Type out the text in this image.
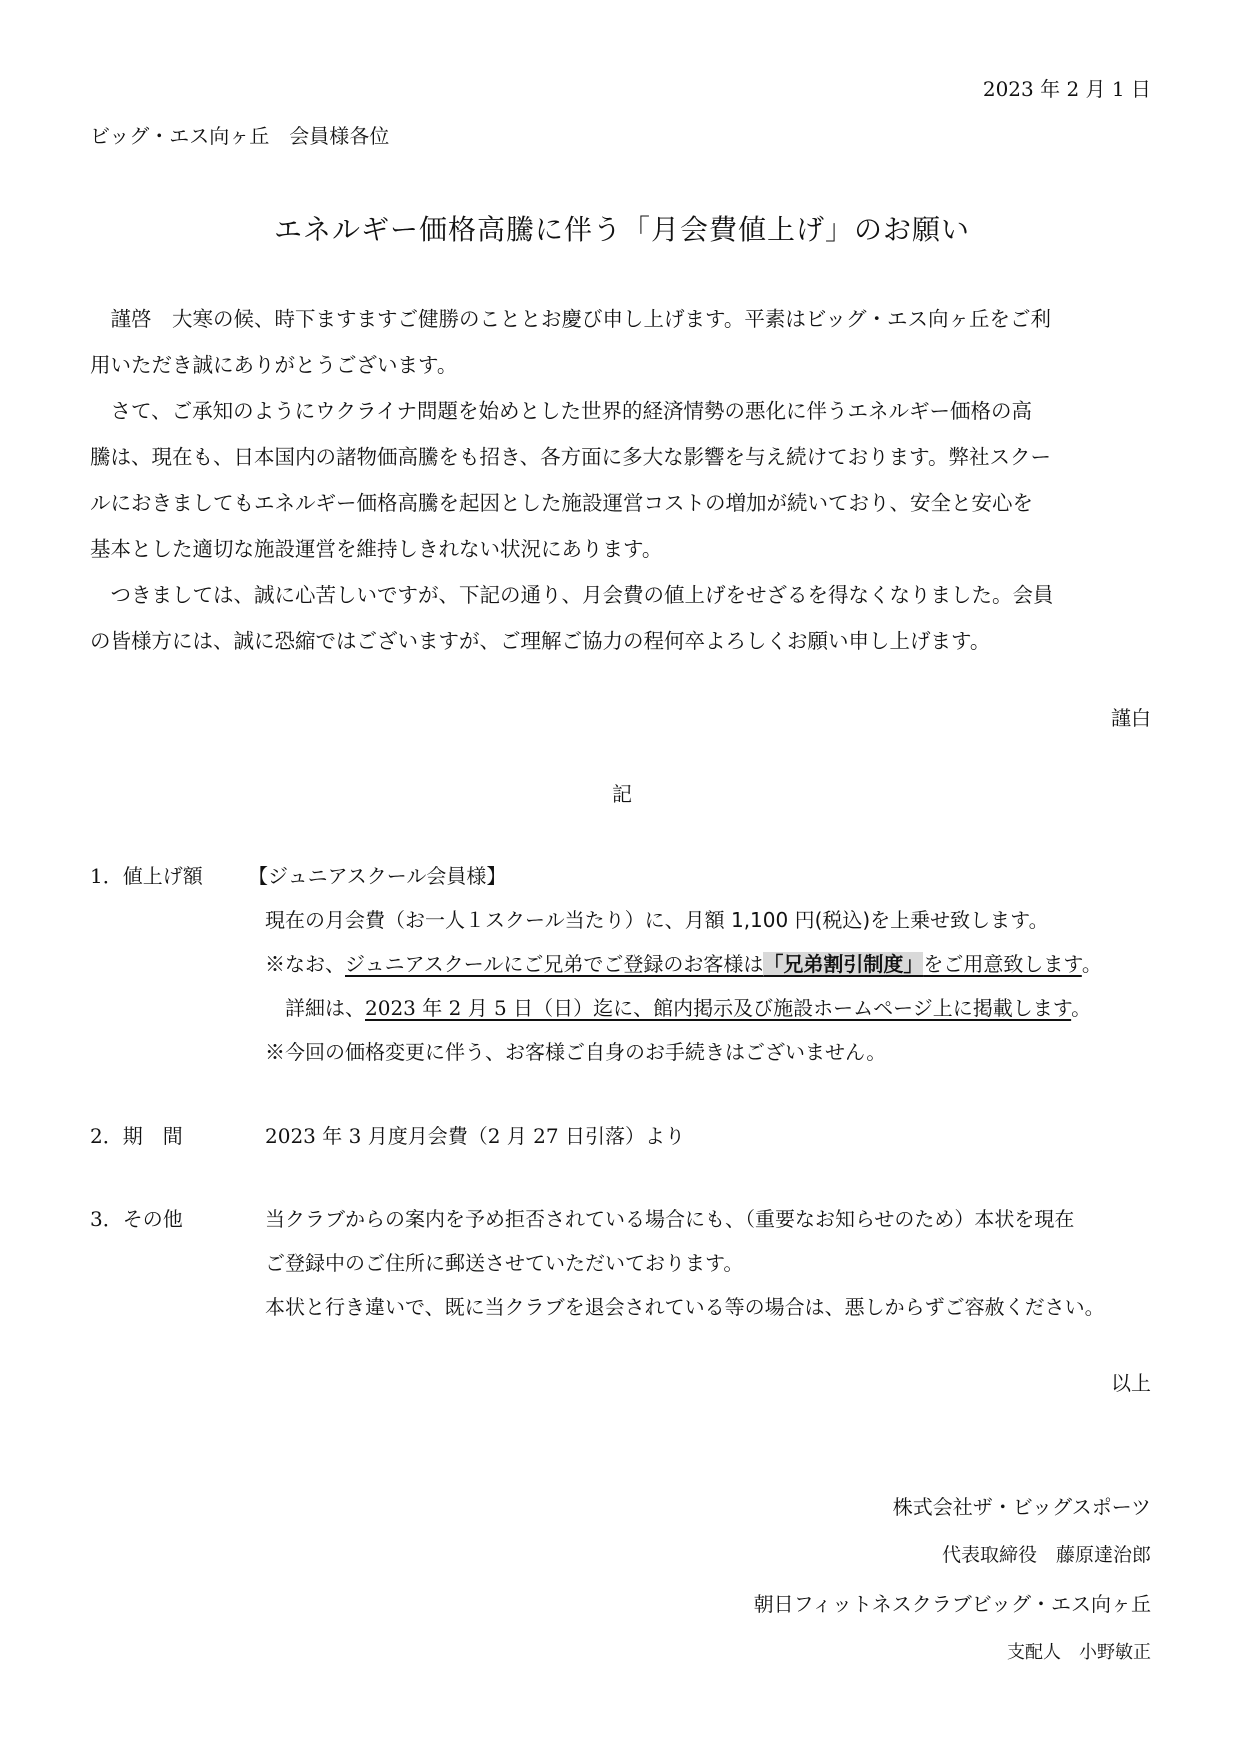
2023 年 2 月 1 日
ビッグ・エス向ヶ丘　会員様各位
エネルギー価格高騰に伴う「月会費値上げ」のお願い
　謹啓　大寒の候、時下ますますご健勝のこととお慶び申し上げます。平素はビッグ・エス向ヶ丘をご利
用いただき誠にありがとうございます。
　さて、ご承知のようにウクライナ問題を始めとした世界的経済情勢の悪化に伴うエネルギー価格の高
騰は、現在も、日本国内の諸物価高騰をも招き、各方面に多大な影響を与え続けております。弊社スクー
ルにおきましてもエネルギー価格高騰を起因とした施設運営コストの増加が続いており、安全と安心を
基本とした適切な施設運営を維持しきれない状況にあります。
　つきましては、誠に心苦しいですが、下記の通り、月会費の値上げをせざるを得なくなりました。会員
の皆様方には、誠に恐縮ではございますが、ご理解ご協力の程何卒よろしくお願い申し上げます。
謹白
記
1．値上げ額 【ジュニアスクール会員様】
現在の月会費（お一人１スクール当たり）に、月額 1,100 円(税込)を上乗せ致します。
※なお、ジュニアスクールにご兄弟でご登録のお客様は「兄弟割引制度」をご用意致します。
　詳細は、2023 年 2 月 5 日（日）迄に、館内掲示及び施設ホームページ上に掲載します。
※今回の価格変更に伴う、お客様ご自身のお手続きはございません。
2．期　間	2023 年 3 月度月会費（2 月 27 日引落）より
3．その他	当クラブからの案内を予め拒否されている場合にも、（重要なお知らせのため）本状を現在
ご登録中のご住所に郵送させていただいております。
本状と行き違いで、既に当クラブを退会されている等の場合は、悪しからずご容赦ください。
以上
株式会社ザ・ビッグスポーツ
代表取締役　藤原達治郎
朝日フィットネスクラブビッグ・エス向ヶ丘
支配人　小野敏正
